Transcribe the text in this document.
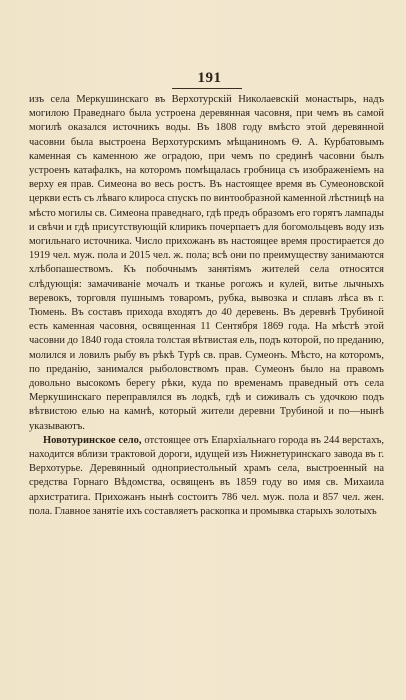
191

изъ села Меркушинскаго въ Верхотурскій Николаевскій монастырь, надъ могилою Праведнаго была устроена деревянная часовня, при чемъ въ самой могилѣ оказался источникъ воды. Въ 1808 году вмѣсто этой деревянной часовни была выстроена Верхотурскимъ мѣщаниномъ Ѳ. А. Курбатовымъ каменная съ каменною же оградою, при чемъ по срединѣ часовни былъ устроенъ катафалкъ, на которомъ помѣщалась гробница съ изображеніемъ на верху ея прав. Симеона во весь ростъ. Въ настоящее время въ Сумеоновской церкви есть съ лѣваго клироса спускъ по винтообразной каменной лѣстницѣ на мѣсто могилы св. Симеона праведнаго, гдѣ предъ образомъ его горятъ лампады и свѣчи и гдѣ присутствующій клирикъ почерпаетъ для богомольцевъ воду изъ могильнаго источника. Число прихожанъ въ настоящее время простирается до 1919 чел. муж. пола и 2015 чел. ж. пола; всѣ они по преимуществу занимаются хлѣбопашествомъ. Къ побочнымъ занятіямъ жителей села относятся слѣдующія: замачиваніе мочалъ и тканье рогожъ и кулей, витье лычныхъ веревокъ, торговля пушнымъ товаромъ, рубка, вывозка и сплавъ лѣса въ г. Тюмень. Въ составъ прихода входятъ до 40 деревень. Въ деревнѣ Трубиной есть каменная часовня, освященная 11 Сентября 1869 года. На мѣстѣ этой часовни до 1840 года стояла толстая вѣтвистая ель, подъ которой, по преданию, молился и ловилъ рыбу въ рѣкѣ Турѣ св. прав. Сумеонъ. Мѣсто, на которомъ, по преданію, занимался рыболовствомъ прав. Сумеонъ было на правомъ довольно высокомъ берегу рѣки, куда по временамъ праведный отъ села Меркушинскаго переправлялся въ лодкѣ, гдѣ и сиживалъ съ удочкою подъ вѣтвистою елью на камнѣ, который жители деревни Трубиной и по—нынѣ указываютъ.

Новотуринское село, отстоящее отъ Епархіальнаго города въ 244 верстахъ, находится вблизи трактовой дороги, идущей изъ Нижнетуринскаго завода въ г. Верхотурье. Деревянный одноприестольный храмъ села, выстроенный на средства Горнаго Вѣдомства, освященъ въ 1859 году во имя св. Михаила архистратига. Прихожанъ нынѣ состоитъ 786 чел. муж. пола и 857 чел. жен. пола. Главное занятіе ихъ составляетъ раскопка и промывка старыхъ золотыхъ
